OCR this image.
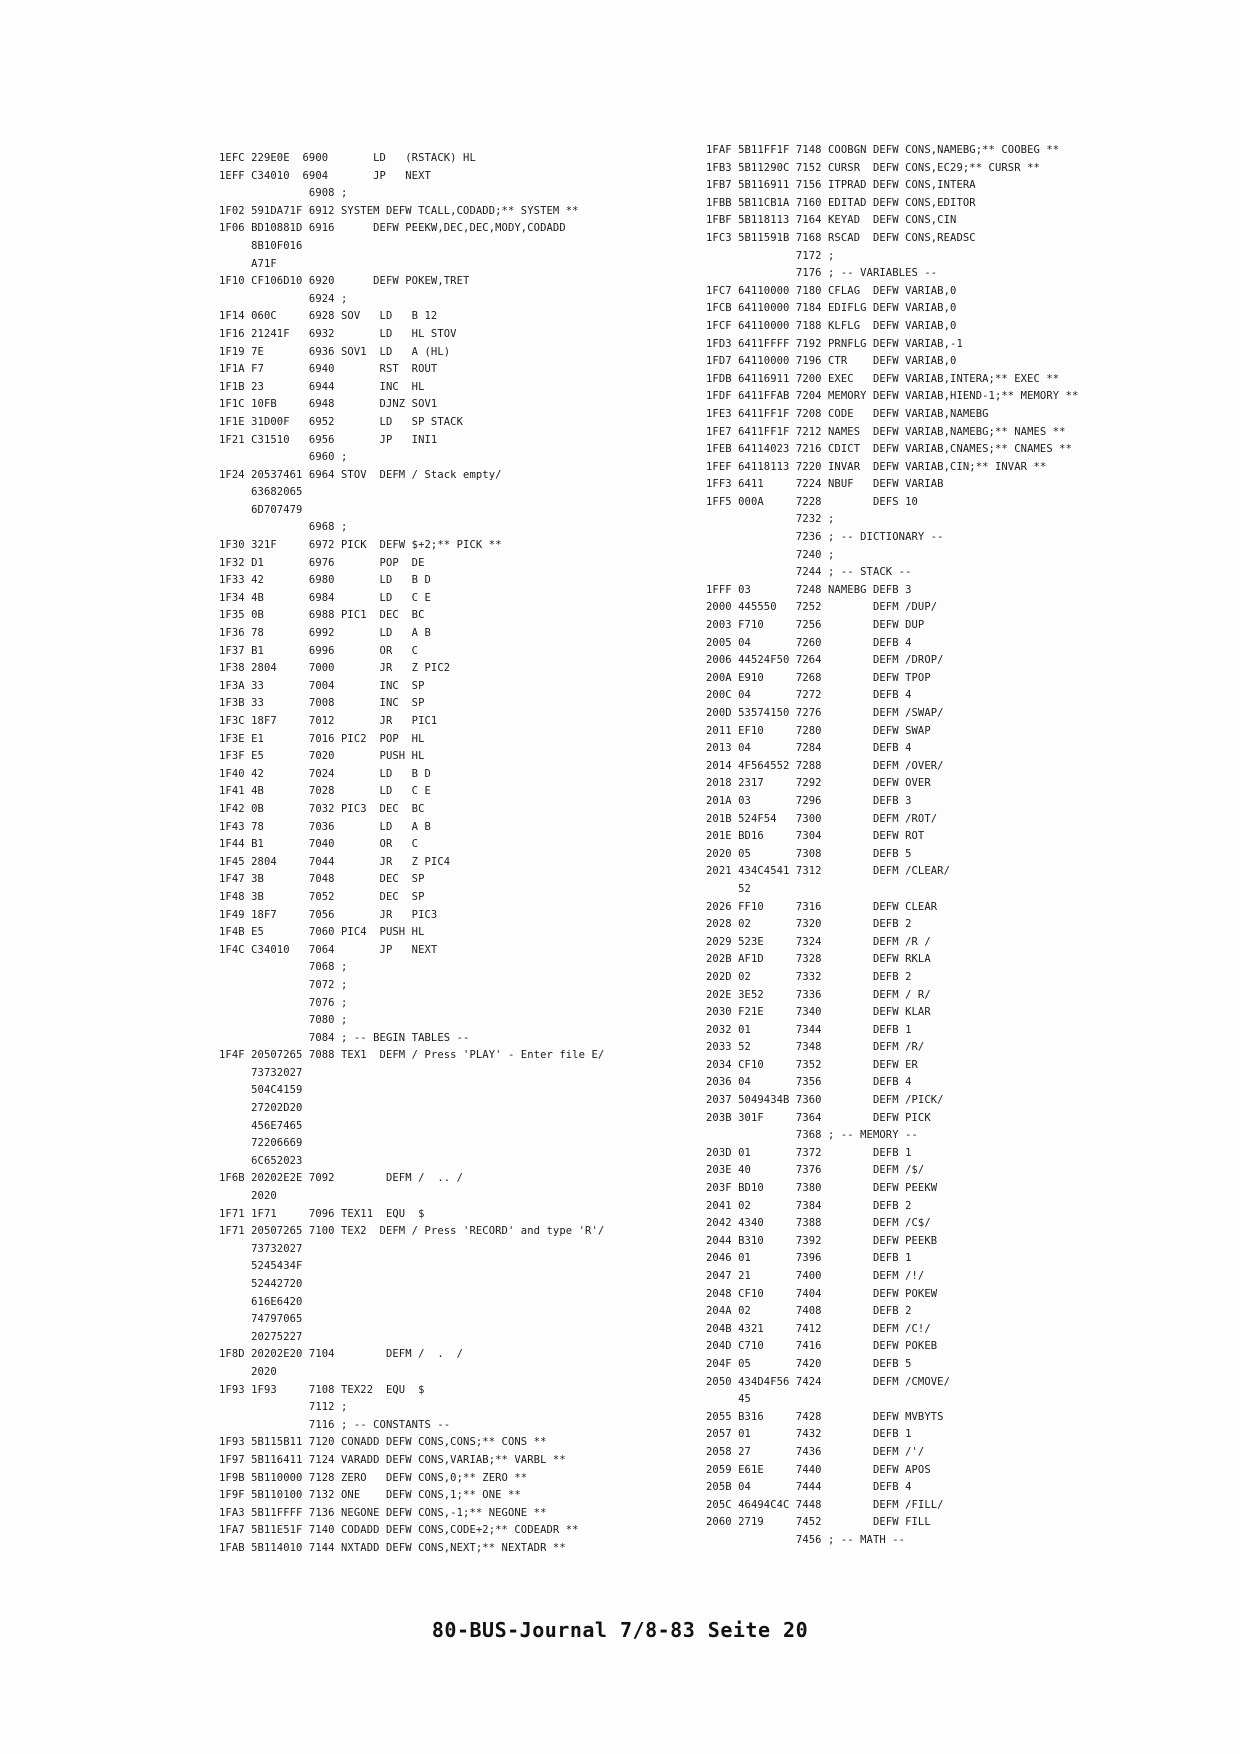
1EFC 229E0E  6900       LD   (RSTACK) HL
1EFF C34010  6904       JP   NEXT
6908 ;
1F02 591DA71F 6912 SYSTEM DEFW TCALL,CODADD;** SYSTEM **
1F06 BD10881D 6916      DEFW PEEKW,DEC,DEC,MODY,CODADD
8B10F016
A71F
1F10 CF106D10 6920      DEFW POKEW,TRET
6924 ;
1F14 060C     6928 SOV   LD   B 12
1F16 21241F   6932       LD   HL STOV
1F19 7E       6936 SOV1  LD   A (HL)
1F1A F7       6940       RST  ROUT
1F1B 23       6944       INC  HL
1F1C 10FB     6948       DJNZ SOV1
1F1E 31D00F   6952       LD   SP STACK
1F21 C31510   6956       JP   INI1
6960 ;
1F24 20537461 6964 STOV  DEFM / Stack empty/
63682065
6D707479
6968 ;
1F30 321F     6972 PICK  DEFW $+2;** PICK **
1F32 D1       6976       POP  DE
1F33 42       6980       LD   B D
1F34 4B       6984       LD   C E
1F35 0B       6988 PIC1  DEC  BC
1F36 78       6992       LD   A B
1F37 B1       6996       OR   C
1F38 2804     7000       JR   Z PIC2
1F3A 33       7004       INC  SP
1F3B 33       7008       INC  SP
1F3C 18F7     7012       JR   PIC1
1F3E E1       7016 PIC2  POP  HL
1F3F E5       7020       PUSH HL
1F40 42       7024       LD   B D
1F41 4B       7028       LD   C E
1F42 0B       7032 PIC3  DEC  BC
1F43 78       7036       LD   A B
1F44 B1       7040       OR   C
1F45 2804     7044       JR   Z PIC4
1F47 3B       7048       DEC  SP
1F48 3B       7052       DEC  SP
1F49 18F7     7056       JR   PIC3
1F4B E5       7060 PIC4  PUSH HL
1F4C C34010   7064       JP   NEXT
7068 ;
7072 ;
7076 ;
7080 ;
7084 ; -- BEGIN TABLES --
1F4F 20507265 7088 TEX1  DEFM / Press 'PLAY' - Enter file E/
73732027
504C4159
27202D20
456E7465
72206669
6C652023
1F6B 20202E2E 7092        DEFM /  .. /
2020
1F71 1F71     7096 TEX11  EQU  $
1F71 20507265 7100 TEX2  DEFM / Press 'RECORD' and type 'R'/
73732027
5245434F
52442720
616E6420
74797065
20275227
1F8D 20202E20 7104        DEFM /  .  /
2020
1F93 1F93     7108 TEX22  EQU  $
7112 ;
7116 ; -- CONSTANTS --
1F93 5B115B11 7120 CONADD DEFW CONS,CONS;** CONS **
1F97 5B116411 7124 VARADD DEFW CONS,VARIAB;** VARBL **
1F9B 5B110000 7128 ZERO   DEFW CONS,0;** ZERO **
1F9F 5B110100 7132 ONE    DEFW CONS,1;** ONE **
1FA3 5B11FFFF 7136 NEGONE DEFW CONS,-1;** NEGONE **
1FA7 5B11E51F 7140 CODADD DEFW CONS,CODE+2;** CODEADR **
1FAB 5B114010 7144 NXTADD DEFW CONS,NEXT;** NEXTADR **
1FAF 5B11FF1F 7148 COOBGN DEFW CONS,NAMEBG;** COOBEG **
1FB3 5B11290C 7152 CURSR  DEFW CONS,EC29;** CURSR **
1FB7 5B116911 7156 ITPRAD DEFW CONS,INTERA
1FBB 5B11CB1A 7160 EDITAD DEFW CONS,EDITOR
1FBF 5B118113 7164 KEYAD  DEFW CONS,CIN
1FC3 5B11591B 7168 RSCAD  DEFW CONS,READSC
7172 ;
7176 ; -- VARIABLES --
1FC7 64110000 7180 CFLAG  DEFW VARIAB,0
1FCB 64110000 7184 EDIFLG DEFW VARIAB,0
1FCF 64110000 7188 KLFLG  DEFW VARIAB,0
1FD3 6411FFFF 7192 PRNFLG DEFW VARIAB,-1
1FD7 64110000 7196 CTR    DEFW VARIAB,0
1FDB 64116911 7200 EXEC   DEFW VARIAB,INTERA;** EXEC **
1FDF 6411FFAB 7204 MEMORY DEFW VARIAB,HIEND-1;** MEMORY **
1FE3 6411FF1F 7208 CODE   DEFW VARIAB,NAMEBG
1FE7 6411FF1F 7212 NAMES  DEFW VARIAB,NAMEBG;** NAMES **
1FEB 64114023 7216 CDICT  DEFW VARIAB,CNAMES;** CNAMES **
1FEF 64118113 7220 INVAR  DEFW VARIAB,CIN;** INVAR **
1FF3 6411     7224 NBUF   DEFW VARIAB
1FF5 000A     7228        DEFS 10
7232 ;
7236 ; -- DICTIONARY --
7240 ;
7244 ; -- STACK --
1FFF 03       7248 NAMEBG DEFB 3
2000 445550   7252        DEFM /DUP/
2003 F710     7256        DEFW DUP
2005 04       7260        DEFB 4
2006 44524F50 7264        DEFM /DROP/
200A E910     7268        DEFW TPOP
200C 04       7272        DEFB 4
200D 53574150 7276        DEFM /SWAP/
2011 EF10     7280        DEFW SWAP
2013 04       7284        DEFB 4
2014 4F564552 7288        DEFM /OVER/
2018 2317     7292        DEFW OVER
201A 03       7296        DEFB 3
201B 524F54   7300        DEFM /ROT/
201E BD16     7304        DEFW ROT
2020 05       7308        DEFB 5
2021 434C4541 7312        DEFM /CLEAR/
52
2026 FF10     7316        DEFW CLEAR
2028 02       7320        DEFB 2
2029 523E     7324        DEFM /R /
202B AF1D     7328        DEFW RKLA
202D 02       7332        DEFB 2
202E 3E52     7336        DEFM / R/
2030 F21E     7340        DEFW KLAR
2032 01       7344        DEFB 1
2033 52       7348        DEFM /R/
2034 CF10     7352        DEFW ER
2036 04       7356        DEFB 4
2037 5049434B 7360        DEFM /PICK/
203B 301F     7364        DEFW PICK
7368 ; -- MEMORY --
203D 01       7372        DEFB 1
203E 40       7376        DEFM /$/
203F BD10     7380        DEFW PEEKW
2041 02       7384        DEFB 2
2042 4340     7388        DEFM /C$/
2044 B310     7392        DEFW PEEKB
2046 01       7396        DEFB 1
2047 21       7400        DEFM /!/
2048 CF10     7404        DEFW POKEW
204A 02       7408        DEFB 2
204B 4321     7412        DEFM /C!/
204D C710     7416        DEFW POKEB
204F 05       7420        DEFB 5
2050 434D4F56 7424        DEFM /CMOVE/
45
2055 B316     7428        DEFW MVBYTS
2057 01       7432        DEFB 1
2058 27       7436        DEFM /'/
2059 E61E     7440        DEFW APOS
205B 04       7444        DEFB 4
205C 46494C4C 7448        DEFM /FILL/
2060 2719     7452        DEFW FILL
7456 ; -- MATH --
80-BUS-Journal 7/8-83 Seite 20
